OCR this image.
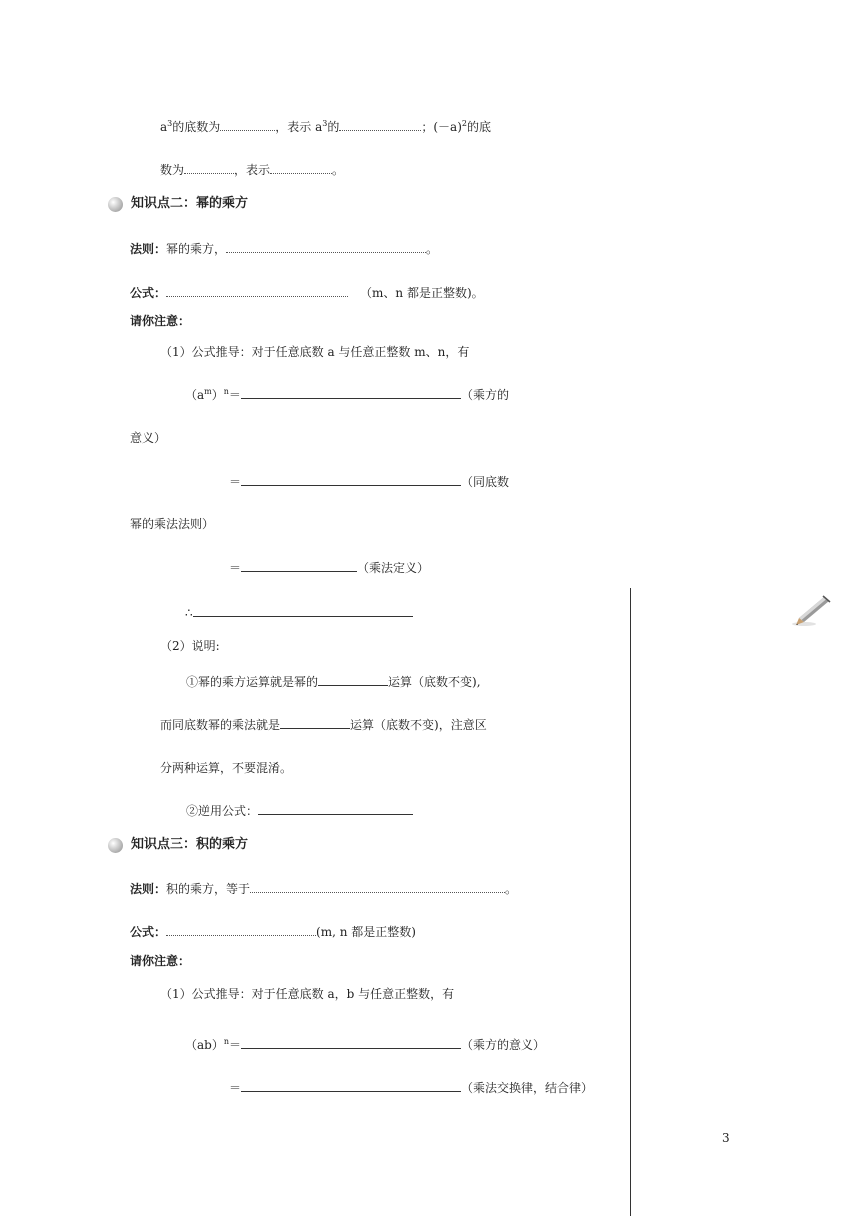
$a^3$的底数为	，表示 $a^3$的	；$(-a)^2$的底
数为	，表示	。
知识点二：幂的乘方
法则：幂的乘方，	。
公式：	（m、n 都是正整数)。
请你注意：
（1）公式推导：对于任意底数 a 与任意正整数 m、n，有
$(a^m)^n=$	（乘方的
意义）
＝	（同底数
幂的乘法法则）
＝	（乘法定义）
∴
（2）说明:
①幂的乘方运算就是幂的	运算（底数不变),
而同底数幂的乘法就是	运算（底数不变)，注意区
分两种运算，不要混淆。
②逆用公式：
知识点三：积的乘方
法则：积的乘方，等于	。
公式：	(m, n 都是正整数)
请你注意：
（1）公式推导：对于任意底数 a，b 与任意正整数，有
（ab）$^n$＝	（乘方的意义）
＝	（乘法交换律，结合律）
3
